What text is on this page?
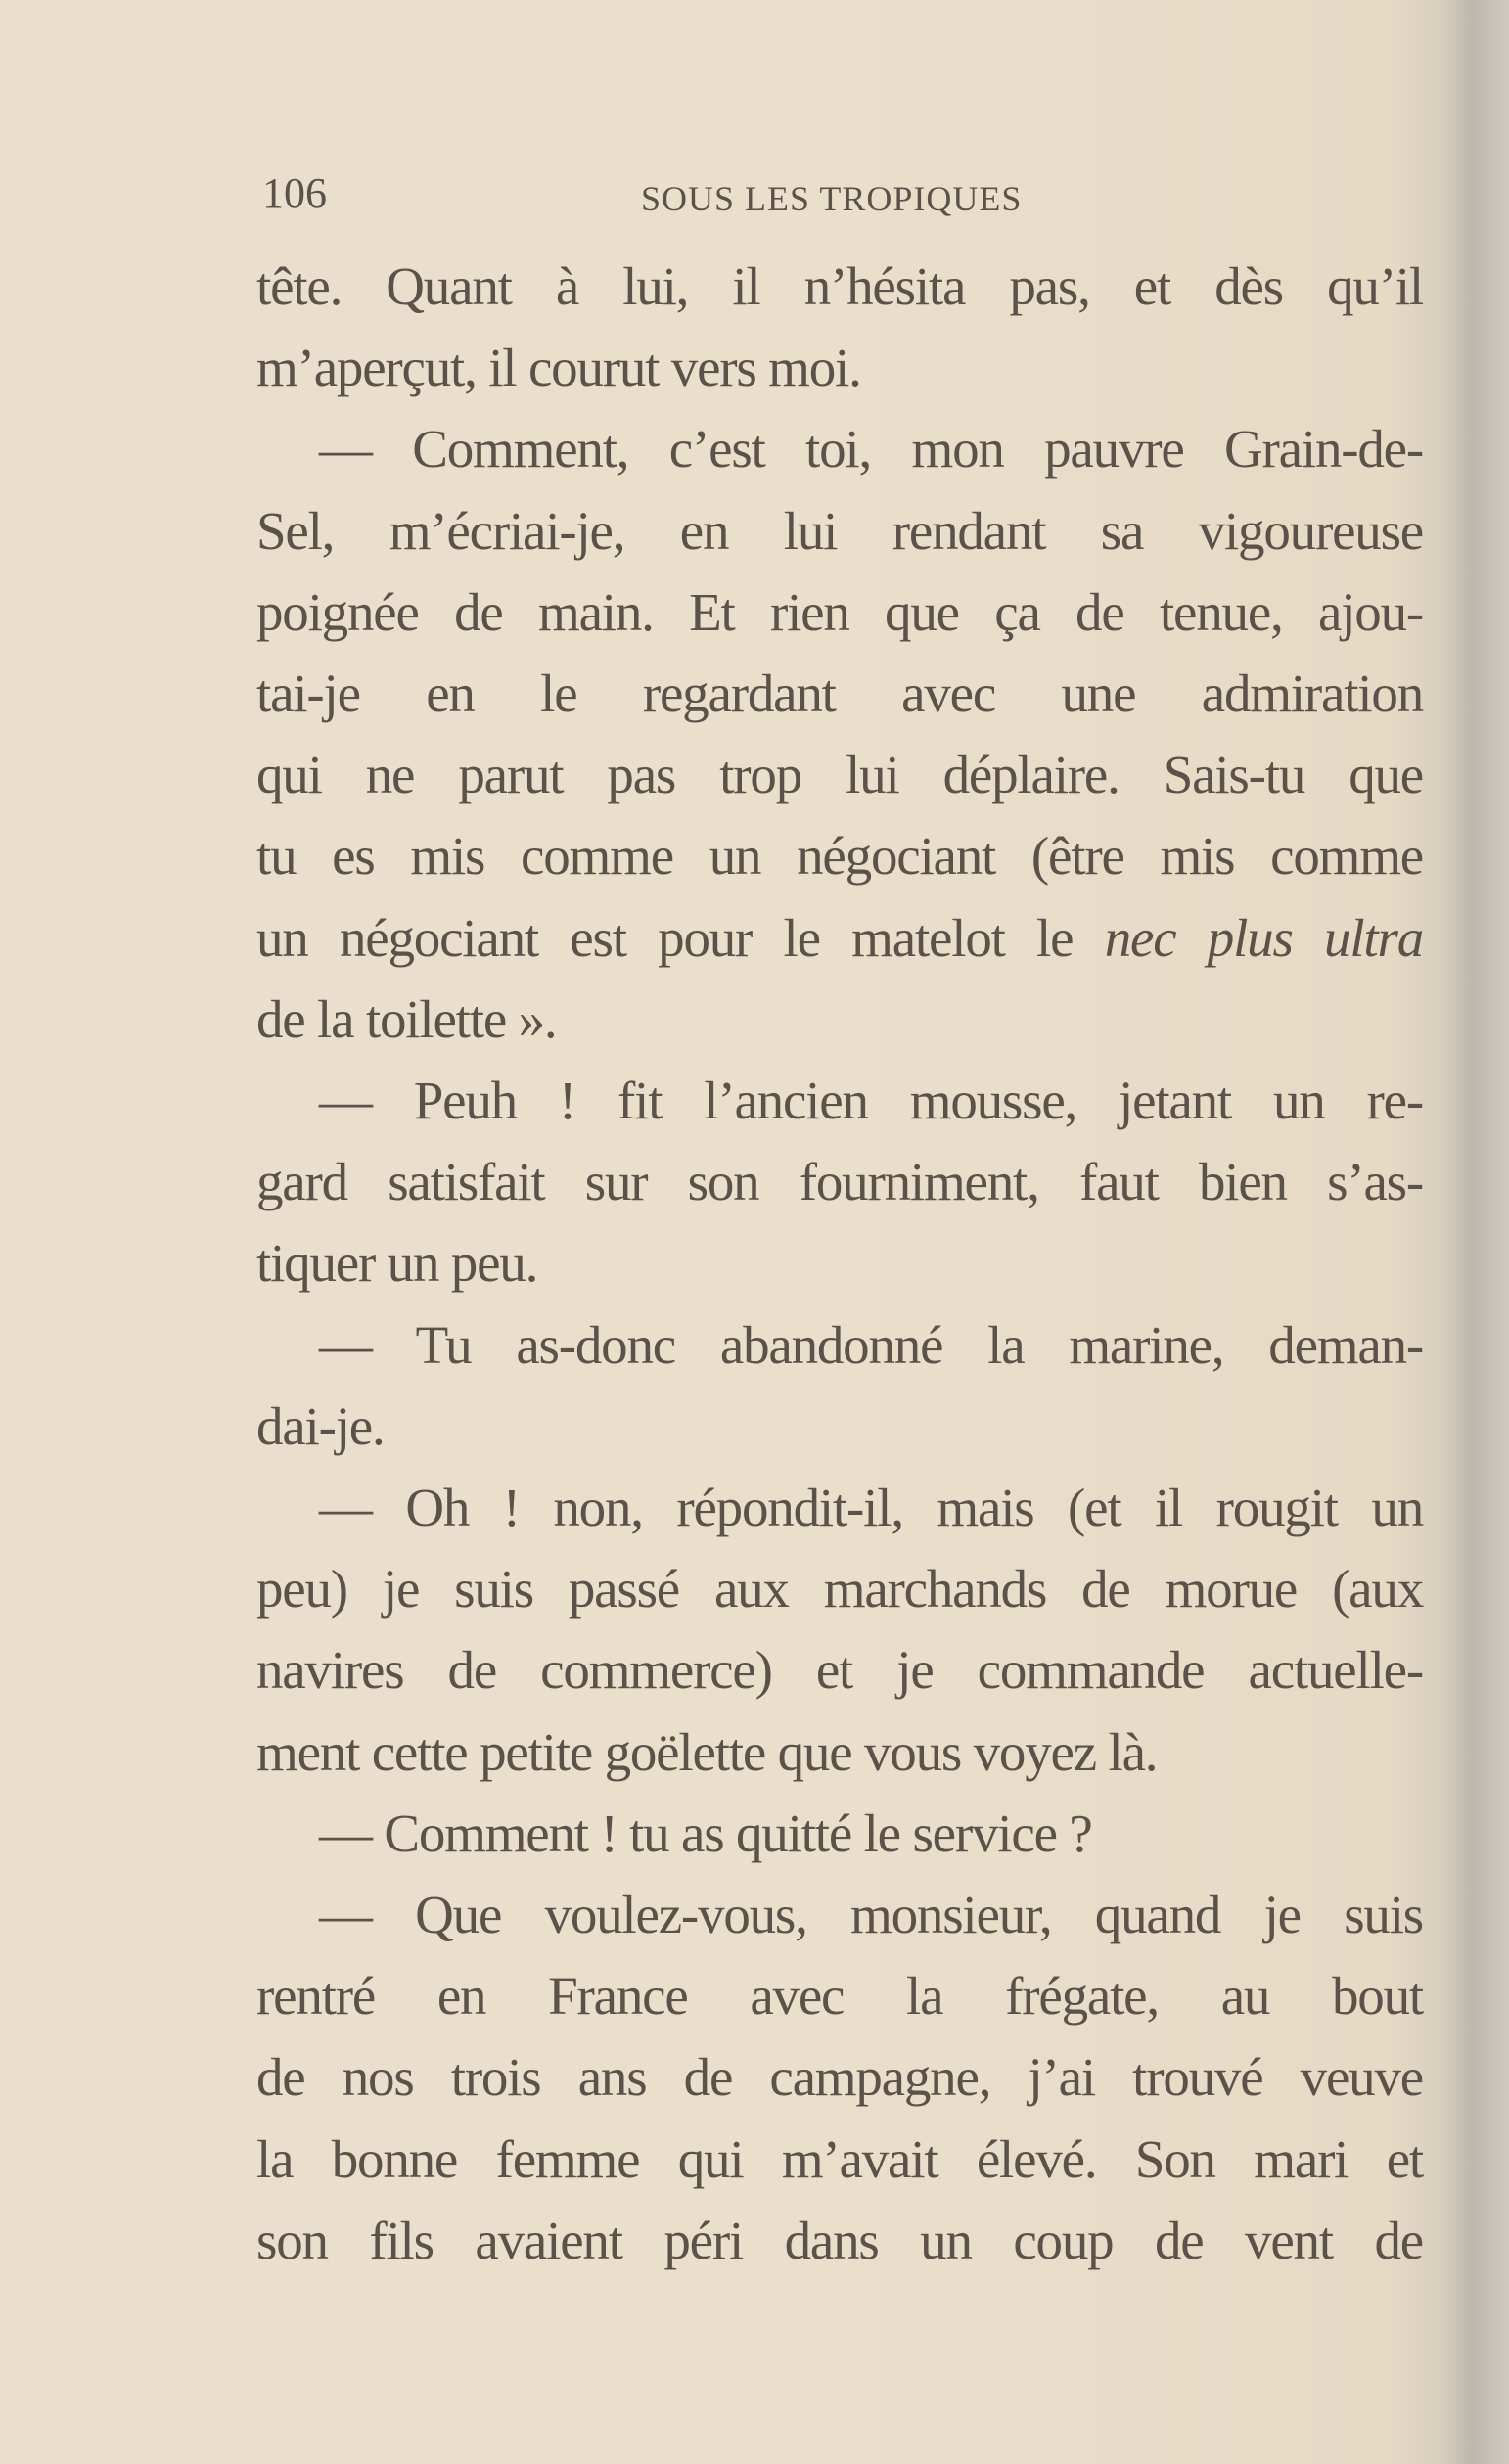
106	SOUS LES TROPIQUES
tête. Quant à lui, il n’hésita pas, et dès qu’il
m’aperçut, il courut vers moi.
— Comment, c’est toi, mon pauvre Grain-de-
Sel, m’écriai-je, en lui rendant sa vigoureuse
poignée de main. Et rien que ça de tenue, ajou-
tai-je en le regardant avec une admiration
qui ne parut pas trop lui déplaire. Sais-tu que
tu es mis comme un négociant (être mis comme
un négociant est pour le matelot le nec plus ultra
de la toilette ».
— Peuh ! fit l’ancien mousse, jetant un re-
gard satisfait sur son fourniment, faut bien s’as-
tiquer un peu.
— Tu as-donc abandonné la marine, deman-
dai-je.
— Oh ! non, répondit-il, mais (et il rougit un
peu) je suis passé aux marchands de morue (aux
navires de commerce) et je commande actuelle-
ment cette petite goëlette que vous voyez là.
— Comment ! tu as quitté le service ?
— Que voulez-vous, monsieur, quand je suis
rentré en France avec la frégate, au bout
de nos trois ans de campagne, j’ai trouvé veuve
la bonne femme qui m’avait élevé. Son mari et
son fils avaient péri dans un coup de vent de
